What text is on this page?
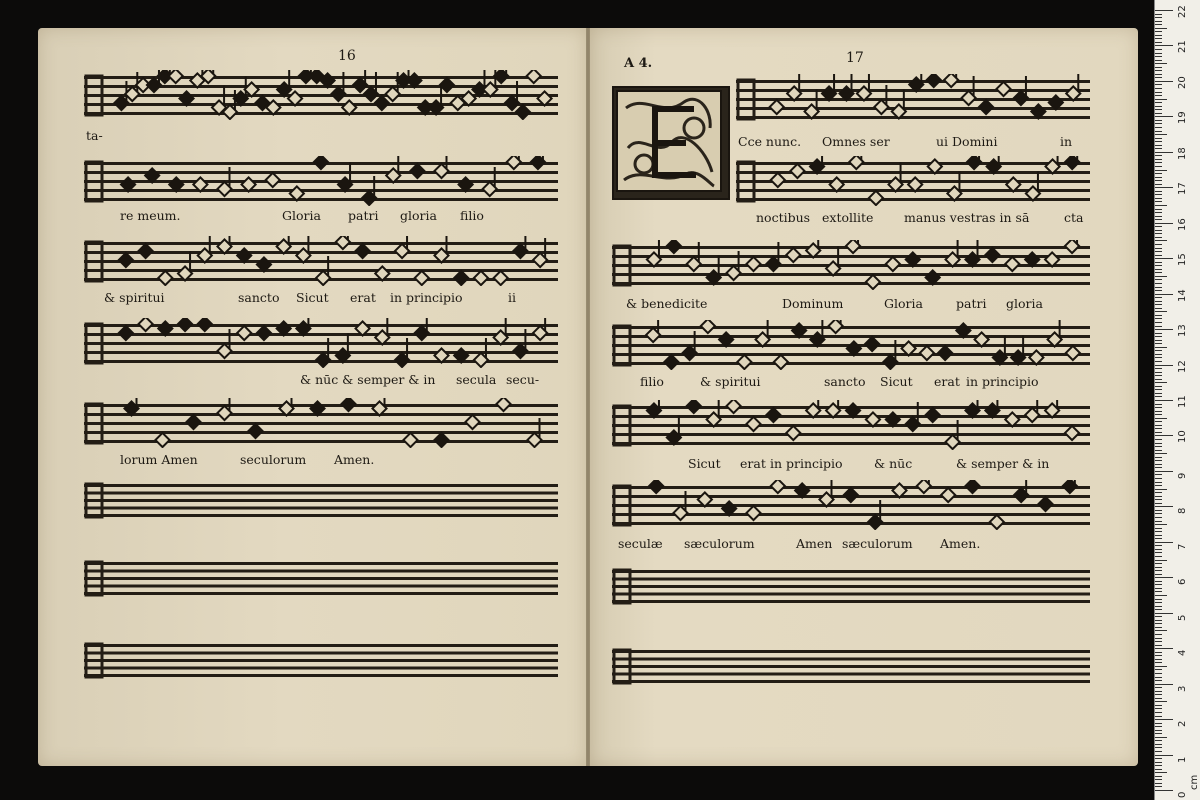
16
ta-
re meum.	Gloria patri gloria filio
& spiritui	sancto Sicut erat in principio	ii
& nūc & semper & in secula secu-
lorum Amen	seculorum Amen.
A 4.	17
Cce nunc. Omnes ser	ui Domini	in
noctibus extollite manus vestras in sā	cta
& benedicite	Dominum	Gloria	patri gloria
filio	& spiritui	sancto Sicut erat in principio
Sicut erat in principio	& nūc	& semper & in
seculæ sæculorum	Amen sæculorum Amen.
0
1
2
3
4
5
6
7
8
9
10
11
12
13
14
15
16
17
18
19
20
21
22
cm
